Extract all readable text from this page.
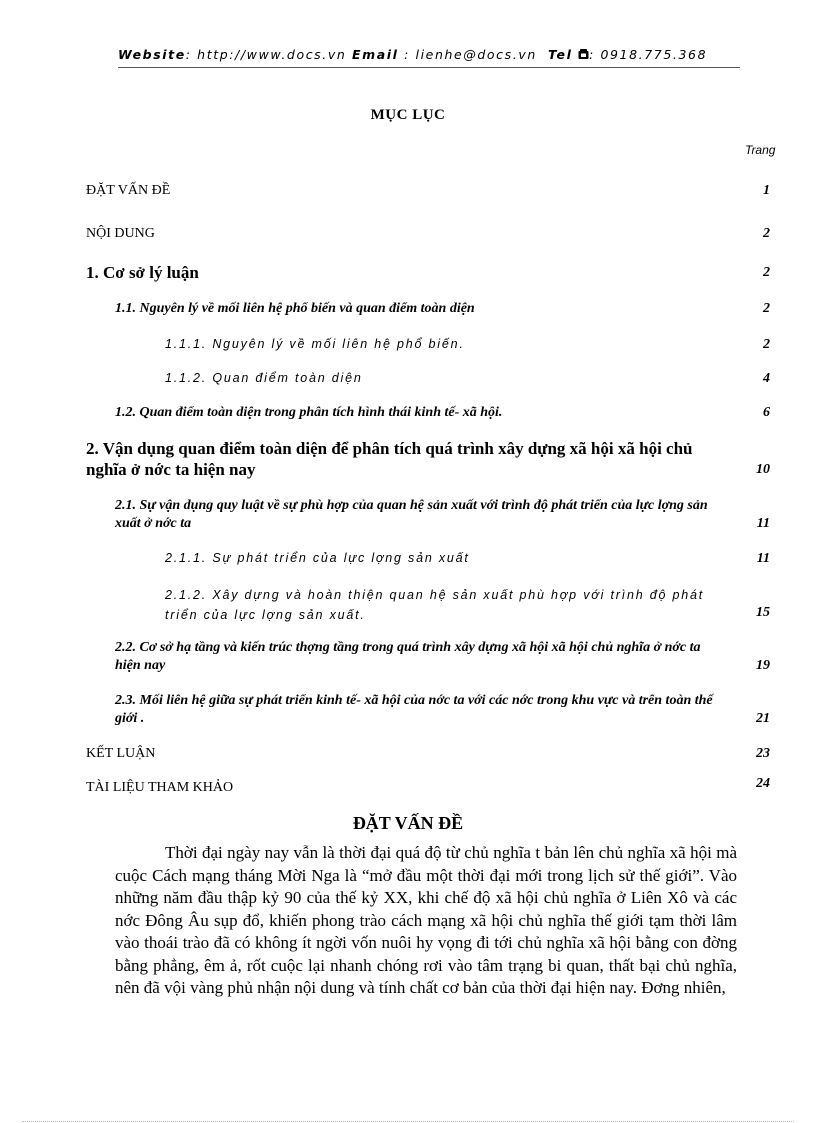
Website: http://www.docs.vn Email : lienhe@docs.vn Tel : 0918.775.368
MỤC LỤC
Trang
ĐẶT VẤN ĐỀ	1
NỘI DUNG	2
1. Cơ sở lý luận	2
1.1. Nguyên lý về mối liên hệ phổ biến và quan điểm toàn diện	2
1.1.1. Nguyên lý về mối liên hệ phổ biến.	2
1.1.2. Quan điểm toàn diện	4
1.2. Quan điểm toàn diện trong phân tích hình thái kinh tế- xã hội.	6
2. Vận dụng quan điểm toàn diện để phân tích quá trình xây dựng xã hội xã hội chủ nghĩa ở nớc ta hiện nay	10
2.1. Sự vận dụng quy luật về sự phù hợp của quan hệ sản xuất với trình độ phát triển của lực lợng sản xuất ở nớc ta	11
2.1.1. Sự phát triển của lực lợng sản xuất	11
2.1.2. Xây dựng và hoàn thiện quan hệ sản xuất phù hợp với trình độ phát triển của lực lợng sản xuất.	15
2.2. Cơ sở hạ tầng và kiến trúc thợng tầng trong quá trình xây dựng xã hội xã hội chủ nghĩa ở nớc ta hiện nay	19
2.3. Mối liên hệ giữa sự phát triển kinh tế- xã hội của nớc ta với các nớc trong khu vực và trên toàn thế giới .	21
KẾT LUẬN	23
TÀI LIỆU THAM KHẢO	24
ĐẶT VẤN ĐỀ

Thời đại ngày nay vẫn là thời đại quá độ từ chủ nghĩa t bản lên chủ nghĩa xã hội mà cuộc Cách mạng tháng Mời Nga là “mở đầu một thời đại mới trong lịch sử thế giới”. Vào những năm đầu thập kỷ 90 của thế kỷ XX, khi chế độ xã hội chủ nghĩa ở Liên Xô và các nớc Đông Âu sụp đổ, khiến phong trào cách mạng xã hội chủ nghĩa thế giới tạm thời lâm vào thoái trào đã có không ít ngời vốn nuôi hy vọng đi tới chủ nghĩa xã hội bằng con đờng bằng phẳng, êm ả, rốt cuộc lại nhanh chóng rơi vào tâm trạng bi quan, thất bại chủ nghĩa, nên đã vội vàng phủ nhận nội dung và tính chất cơ bản của thời đại hiện nay. Đơng nhiên,
